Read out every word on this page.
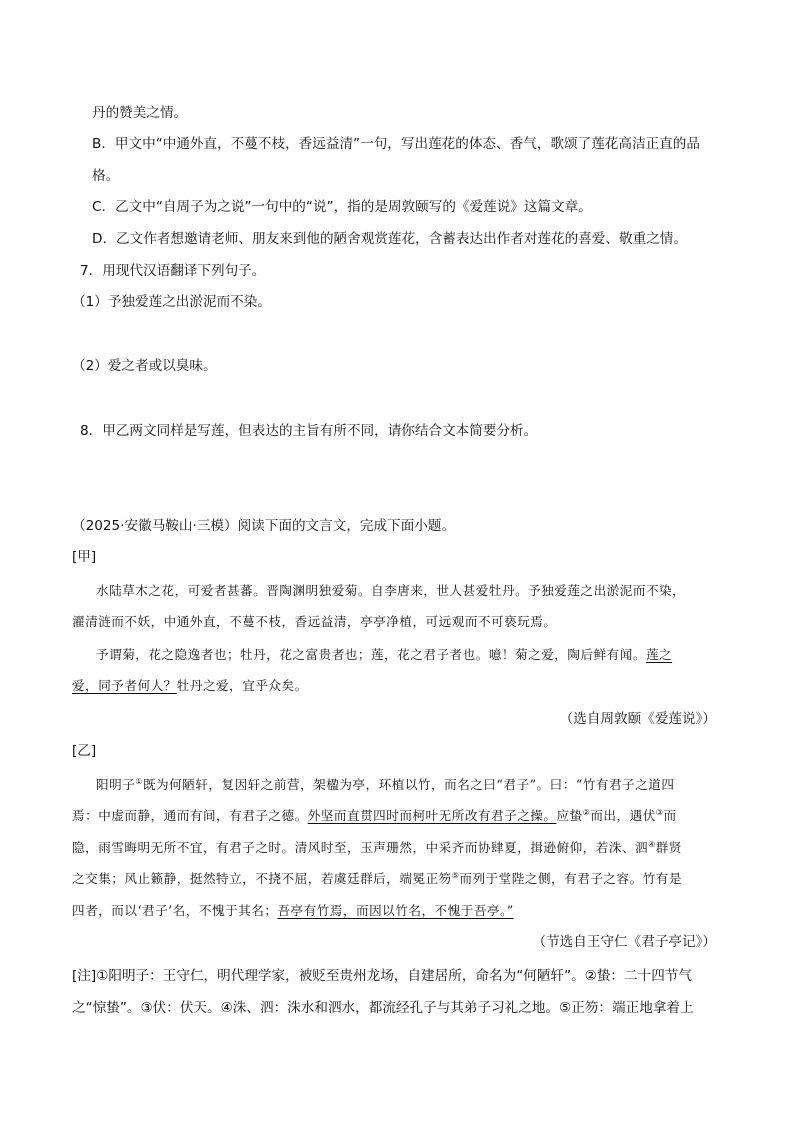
丹的赞美之情。
B．甲文中“中通外直，不蔓不枝，香远益清”一句，写出莲花的体态、香气，歌颂了莲花高洁正直的品
格。
C．乙文中“自周子为之说”一句中的“说”，指的是周敦颐写的《爱莲说》这篇文章。
D．乙文作者想邀请老师、朋友来到他的陋舍观赏莲花，含蓄表达出作者对莲花的喜爱、敬重之情。
7．用现代汉语翻译下列句子。
（1）予独爱莲之出淤泥而不染。
（2）爱之者或以臭味。
8．甲乙两文同样是写莲，但表达的主旨有所不同，请你结合文本简要分析。
（2025·安徽马鞍山·三模）阅读下面的文言文，完成下面小题。
[甲]
水陆草木之花，可爱者甚蕃。晋陶渊明独爱菊。自李唐来，世人甚爱牡丹。予独爱莲之出淤泥而不染，
濯清涟而不妖，中通外直，不蔓不枝，香远益清，亭亭净植，可远观而不可亵玩焉。
予谓菊，花之隐逸者也；牡丹，花之富贵者也；莲，花之君子者也。噫！菊之爱，陶后鲜有闻。莲之
爱，同予者何人？牡丹之爱，宜乎众矣。
（选自周敦颐《爱莲说》）
[乙]
阳明子①既为何陋轩，复因轩之前营，架楹为亭，环植以竹，而名之曰“君子”。曰：“竹有君子之道四
焉：中虚而静，通而有间，有君子之德。外坚而直贯四时而柯叶无所改有君子之操。应蛰②而出，遇伏③而
隐，雨雪晦明无所不宜，有君子之时。清风时至，玉声珊然，中采齐而协肆夏，揖逊俯仰，若洙、泗④群贤
之交集；风止籁静，挺然特立，不挠不屈，若虞廷群后，端冕正笏⑤而列于堂陛之侧，有君子之容。竹有是
四者，而以‘君子’名，不愧于其名；吾亭有竹焉，而因以竹名，不愧于吾亭。”
（节选自王守仁《君子亭记》）
[注]①阳明子：王守仁，明代理学家，被贬至贵州龙场，自建居所，命名为“何陋轩”。②蛰：二十四节气
之“惊蛰”。③伏：伏天。④洙、泗：洙水和泗水，都流经孔子与其弟子习礼之地。⑤正笏：端正地拿着上
